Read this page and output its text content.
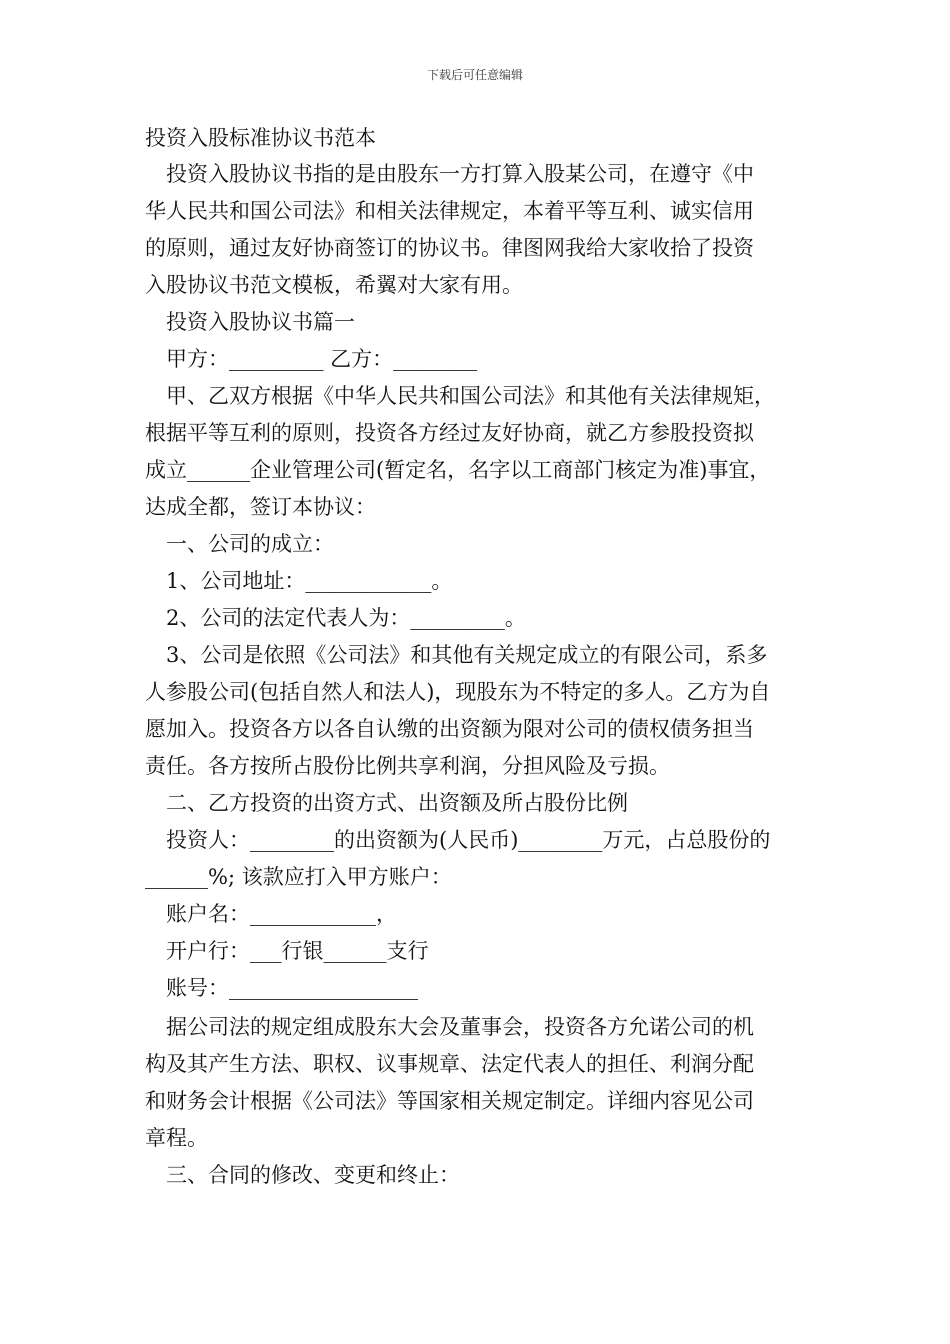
下载后可任意编辑
投资入股标准协议书范本
投资入股协议书指的是由股东一方打算入股某公司，在遵守《中
华人民共和国公司法》和相关法律规定，本着平等互利、诚实信用
的原则，通过友好协商签订的协议书。律图网我给大家收拾了投资
入股协议书范文模板，希翼对大家有用。
投资入股协议书篇一
甲方：_________ 乙方：________
甲、乙双方根据《中华人民共和国公司法》和其他有关法律规矩，
根据平等互利的原则，投资各方经过友好协商，就乙方参股投资拟
成立______企业管理公司(暂定名，名字以工商部门核定为准)事宜，
达成全都，签订本协议：
一、公司的成立：
1、公司地址：____________。
2、公司的法定代表人为：_________。
3、公司是依照《公司法》和其他有关规定成立的有限公司，系多
人参股公司(包括自然人和法人)，现股东为不特定的多人。乙方为自
愿加入。投资各方以各自认缴的出资额为限对公司的债权债务担当
责任。各方按所占股份比例共享利润，分担风险及亏损。
二、乙方投资的出资方式、出资额及所占股份比例
投资人：________的出资额为(人民币)________万元，占总股份的
______%; 该款应打入甲方账户：
账户名：____________，
开户行：___行银______支行
账号：__________________
据公司法的规定组成股东大会及董事会，投资各方允诺公司的机
构及其产生方法、职权、议事规章、法定代表人的担任、利润分配
和财务会计根据《公司法》等国家相关规定制定。详细内容见公司
章程。
三、合同的修改、变更和终止：
